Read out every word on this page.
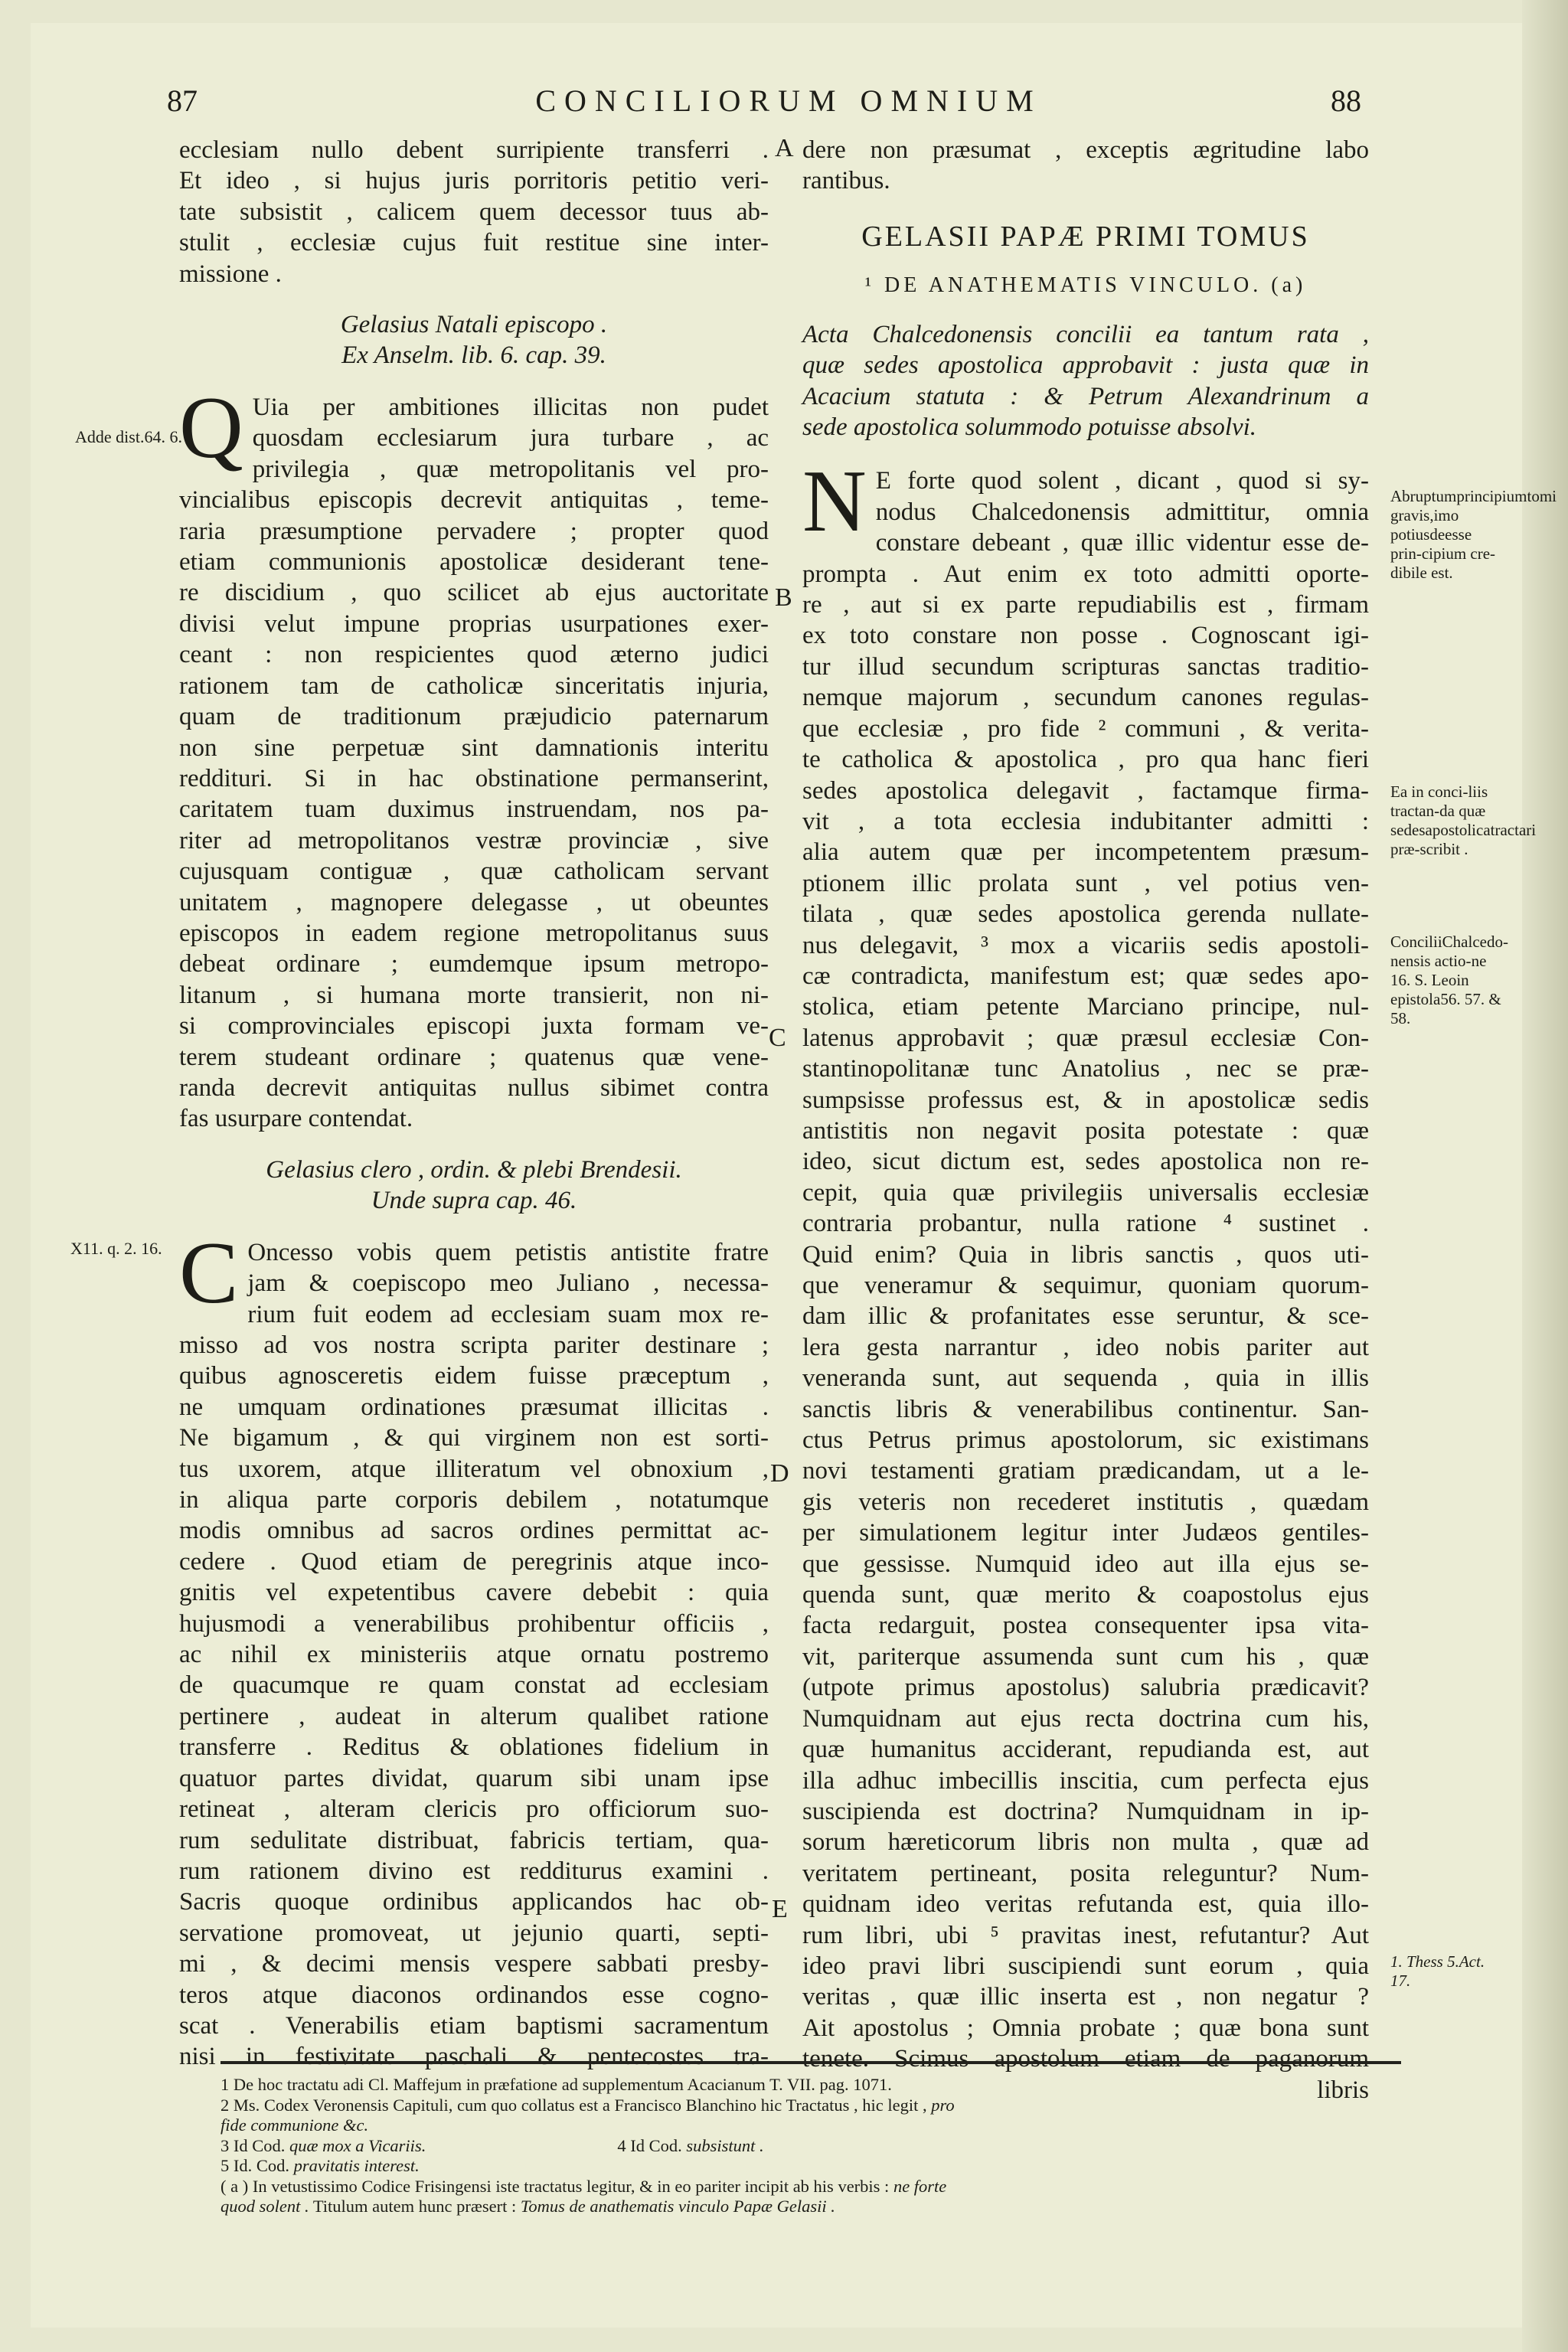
87	CONCILIORUM OMNIUM	88

ecclesiam nullo debent surripiente transferri .
Et ideo , si hujus juris porritoris petitio veri-
tate subsistit , calicem quem decessor tuus ab-
stulit , ecclesiæ cujus fuit restitue sine inter-
missione .

Gelasius Natali episcopo .

Ex Anselm. lib. 6. cap. 39.

Q Uia per ambitiones illicitas non pudet
quosdam ecclesiarum jura turbare , ac
privilegia , quæ metropolitanis vel pro-
vincialibus episcopis decrevit antiquitas , teme-
raria præsumptione pervadere ; propter quod
etiam communionis apostolicæ desiderant tene-
re discidium , quo scilicet ab ejus auctoritate
divisi velut impune proprias usurpationes exer-
ceant : non respicientes quod æterno judici
rationem tam de catholicæ sinceritatis injuria,
quam de traditionum præjudicio paternarum
non sine perpetuæ sint damnationis interitu
reddituri. Si in hac obstinatione permanserint,
caritatem tuam duximus instruendam, nos pa-
riter ad metropolitanos vestræ provinciæ , sive
cujusquam contiguæ , quæ catholicam servant
unitatem , magnopere delegasse , ut obeuntes
episcopos in eadem regione metropolitanus suus
debeat ordinare ; eumdemque ipsum metropo-
litanum , si humana morte transierit, non ni-
si comprovinciales episcopi juxta formam ve-
terem studeant ordinare ; quatenus quæ vene-
randa decrevit antiquitas nullus sibimet contra
fas usurpare contendat.

Gelasius clero , ordin. & plebi Brendesii.

Unde supra cap. 46.

C Oncesso vobis quem petistis antistite fratre
jam & coepiscopo meo Juliano , necessa-
rium fuit eodem ad ecclesiam suam mox re-
misso ad vos nostra scripta pariter destinare ;
quibus agnosceretis eidem fuisse præceptum ,
ne umquam ordinationes præsumat illicitas .
Ne bigamum , & qui virginem non est sorti-
tus uxorem, atque illiteratum vel obnoxium ,
in aliqua parte corporis debilem , notatumque
modis omnibus ad sacros ordines permittat ac-
cedere . Quod etiam de peregrinis atque inco-
gnitis vel expetentibus cavere debebit : quia
hujusmodi a venerabilibus prohibentur officiis ,
ac nihil ex ministeriis atque ornatu postremo
de quacumque re quam constat ad ecclesiam
pertinere , audeat in alterum qualibet ratione
transferre . Reditus & oblationes fidelium in
quatuor partes dividat, quarum sibi unam ipse
retineat , alteram clericis pro officiorum suo-
rum sedulitate distribuat, fabricis tertiam, qua-
rum rationem divino est redditurus examini .
Sacris quoque ordinibus applicandos hac ob-
servatione promoveat, ut jejunio quarti, septi-
mi , & decimi mensis vespere sabbati presby-
teros atque diaconos ordinandos esse cogno-
scat . Venerabilis etiam baptismi sacramentum
nisi in festivitate paschali & pentecostes tra-

dere non præsumat , exceptis ægritudine labo
rantibus.

GELASII PAPÆ PRIMI TOMUS

¹ DE ANATHEMATIS VINCULO. (a)

Acta Chalcedonensis concilii ea tantum rata ,
quæ sedes apostolica approbavit : justa quæ in
Acacium statuta : & Petrum Alexandrinum a
sede apostolica solummodo potuisse absolvi.

N E forte quod solent , dicant , quod si sy-
nodus Chalcedonensis admittitur, omnia
constare debeant , quæ illic videntur esse de-
prompta . Aut enim ex toto admitti oporte-
re , aut si ex parte repudiabilis est , firmam
ex toto constare non posse . Cognoscant igi-
tur illud secundum scripturas sanctas traditio-
nemque majorum , secundum canones regulas-
que ecclesiæ , pro fide ² communi , & verita-
te catholica & apostolica , pro qua hanc fieri
sedes apostolica delegavit , factamque firma-
vit , a tota ecclesia indubitanter admitti :
alia autem quæ per incompetentem præsum-
ptionem illic prolata sunt , vel potius ven-
tilata , quæ sedes apostolica gerenda nullate-
nus delegavit, ³ mox a vicariis sedis apostoli-
cæ contradicta, manifestum est; quæ sedes apo-
stolica, etiam petente Marciano principe, nul-
latenus approbavit ; quæ præsul ecclesiæ Con-
stantinopolitanæ tunc Anatolius , nec se præ-
sumpsisse professus est, & in apostolicæ sedis
antistitis non negavit posita potestate : quæ
ideo, sicut dictum est, sedes apostolica non re-
cepit, quia quæ privilegiis universalis ecclesiæ
contraria probantur, nulla ratione ⁴ sustinet .
Quid enim? Quia in libris sanctis , quos uti-
que veneramur & sequimur, quoniam quorum-
dam illic & profanitates esse seruntur, & sce-
lera gesta narrantur , ideo nobis pariter aut
veneranda sunt, aut sequenda , quia in illis
sanctis libris & venerabilibus continentur. San-
ctus Petrus primus apostolorum, sic existimans
novi testamenti gratiam prædicandam, ut a le-
gis veteris non recederet institutis , quædam
per simulationem legitur inter Judæos gentiles-
que gessisse. Numquid ideo aut illa ejus se-
quenda sunt, quæ merito & coapostolus ejus
facta redarguit, postea consequenter ipsa vita-
vit, pariterque assumenda sunt cum his , quæ
(utpote primus apostolus) salubria prædicavit?
Numquidnam aut ejus recta doctrina cum his,
quæ humanitus acciderant, repudianda est, aut
illa adhuc imbecillis inscitia, cum perfecta ejus
suscipienda est doctrina? Numquidnam in ip-
sorum hæreticorum libris non multa , quæ ad
veritatem pertineant, posita releguntur? Num-
quidnam ideo veritas refutanda est, quia illo-
rum libri, ubi ⁵ pravitas inest, refutantur? Aut
ideo pravi libri suscipiendi sunt eorum , quia
veritas , quæ illic inserta est , non negatur ?
Ait apostolus ; Omnia probate ; quæ bona sunt
tenete. Scimus apostolum etiam de paganorum

libris

Adde dist.64. 6.
X11. q. 2. 16.
Abruptumprincipiumtomi gravis,imo potiusdeesse prin-cipium cre-dibile est.
Ea in conci-liis tractan-da quæ sedesapostolicatractari præ-scribit .
ConciliiChalcedo-nensis actio-ne 16. S. Leoin epistola56. 57. & 58.
1. Thess 5.Act. 17.
A
B
C
D
E
1 De hoc tractatu adi Cl. Maffejum in præfatione ad supplementum Acacianum T. VII. pag. 1071.
2 Ms. Codex Veronensis Capituli, cum quo collatus est a Francisco Blanchino hic Tractatus , hic legit , pro
fide communione &c.
3 Id Cod. quæ mox a Vicariis.	4 Id Cod. subsistunt .
5 Id. Cod. pravitatis interest.
( a ) In vetustissimo Codice Frisingensi iste tractatus legitur, & in eo pariter incipit ab his verbis : ne forte
quod solent . Titulum autem hunc præsert : Tomus de anathematis vinculo Papæ Gelasii .
